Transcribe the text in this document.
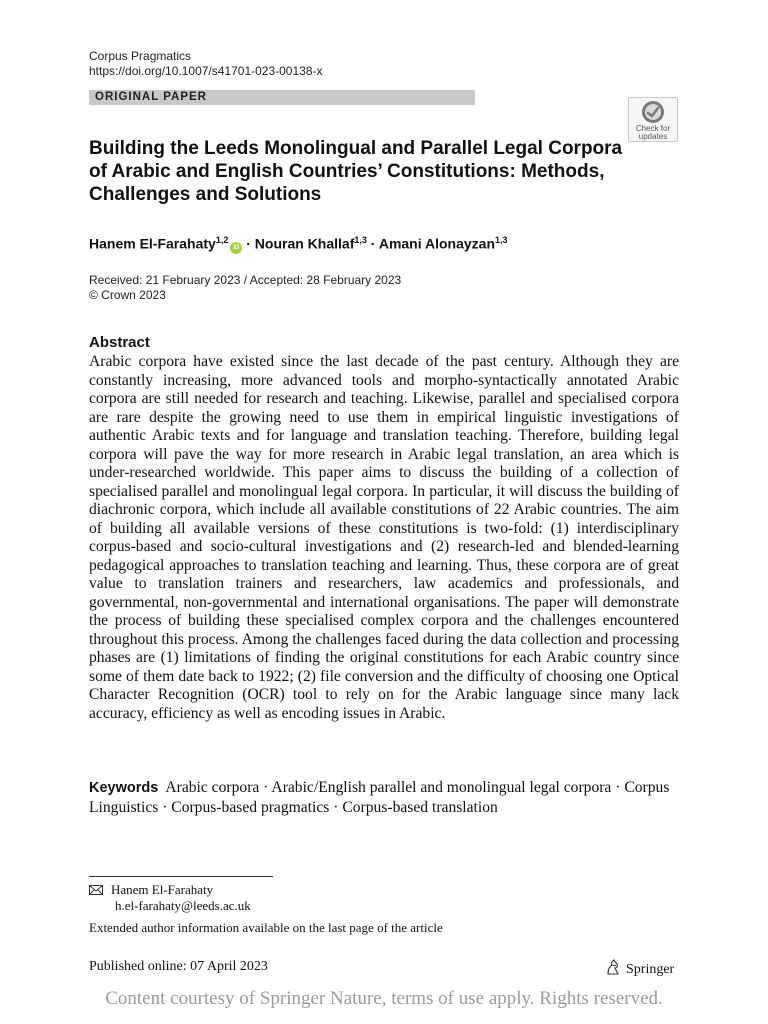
Corpus Pragmatics
https://doi.org/10.1007/s41701-023-00138-x
ORIGINAL PAPER
Check for updates
Building the Leeds Monolingual and Parallel Legal Corpora of Arabic and English Countries’ Constitutions: Methods, Challenges and Solutions
Hanem El-Farahaty$^{1,2}$iD · Nouran Khallaf$^{1,3}$ · Amani Alonayzan$^{1,3}$
Received: 21 February 2023 / Accepted: 28 February 2023
© Crown 2023
Abstract

Arabic corpora have existed since the last decade of the past century. Although they are constantly increasing, more advanced tools and morpho-syntactically annotated Arabic corpora are still needed for research and teaching. Likewise, parallel and specialised corpora are rare despite the growing need to use them in empirical linguistic investigations of authentic Arabic texts and for language and translation teaching. Therefore, building legal corpora will pave the way for more research in Arabic legal translation, an area which is under-researched worldwide. This paper aims to discuss the building of a collection of specialised parallel and monolingual legal corpora. In particular, it will discuss the building of diachronic corpora, which include all available constitutions of 22 Arabic countries. The aim of building all available versions of these constitutions is two-fold: (1) interdisciplinary corpus-based and socio-cultural investigations and (2) research-led and blended-learning pedagogical approaches to translation teaching and learning. Thus, these corpora are of great value to translation trainers and researchers, law academics and professionals, and governmental, non-governmental and international organisations. The paper will demonstrate the process of building these specialised complex corpora and the challenges encountered throughout this process. Among the challenges faced during the data collection and processing phases are (1) limitations of finding the original constitutions for each Arabic country since some of them date back to 1922; (2) file conversion and the difficulty of choosing one Optical Character Recognition (OCR) tool to rely on for the Arabic language since many lack accuracy, efficiency as well as encoding issues in Arabic.

Keywords Arabic corpora · Arabic/English parallel and monolingual legal corpora · Corpus Linguistics · Corpus-based pragmatics · Corpus-based translation

Hanem El-Farahaty
h.el-farahaty@leeds.ac.uk
Extended author information available on the last page of the article
Published online: 07 April 2023	Springer
Content courtesy of Springer Nature, terms of use apply. Rights reserved.
